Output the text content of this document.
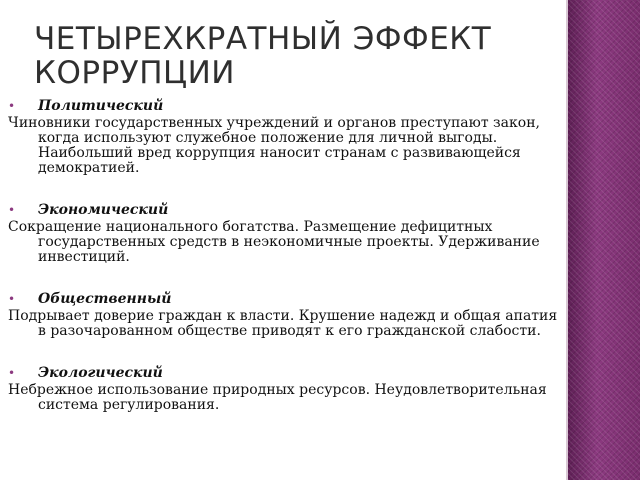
ЧЕТЫРЕХКРАТНЫЙ ЭФФЕКТ
КОРРУПЦИИ
•	Политический

Чиновники государственных учреждений и органов преступают закон, когда используют служебное положение для личной выгоды. Наибольший вред коррупция наносит странам с развивающейся демократией.

•	Экономический

Сокращение национального богатства. Размещение дефицитных государственных средств в неэкономичные проекты. Удерживание инвестиций.

•	Общественный

Подрывает доверие граждан к власти. Крушение надежд и общая апатия в разочарованном обществе приводят к его гражданской слабости.

•	Экологический

Небрежное использование природных ресурсов. Неудовлетворительная система регулирования.
